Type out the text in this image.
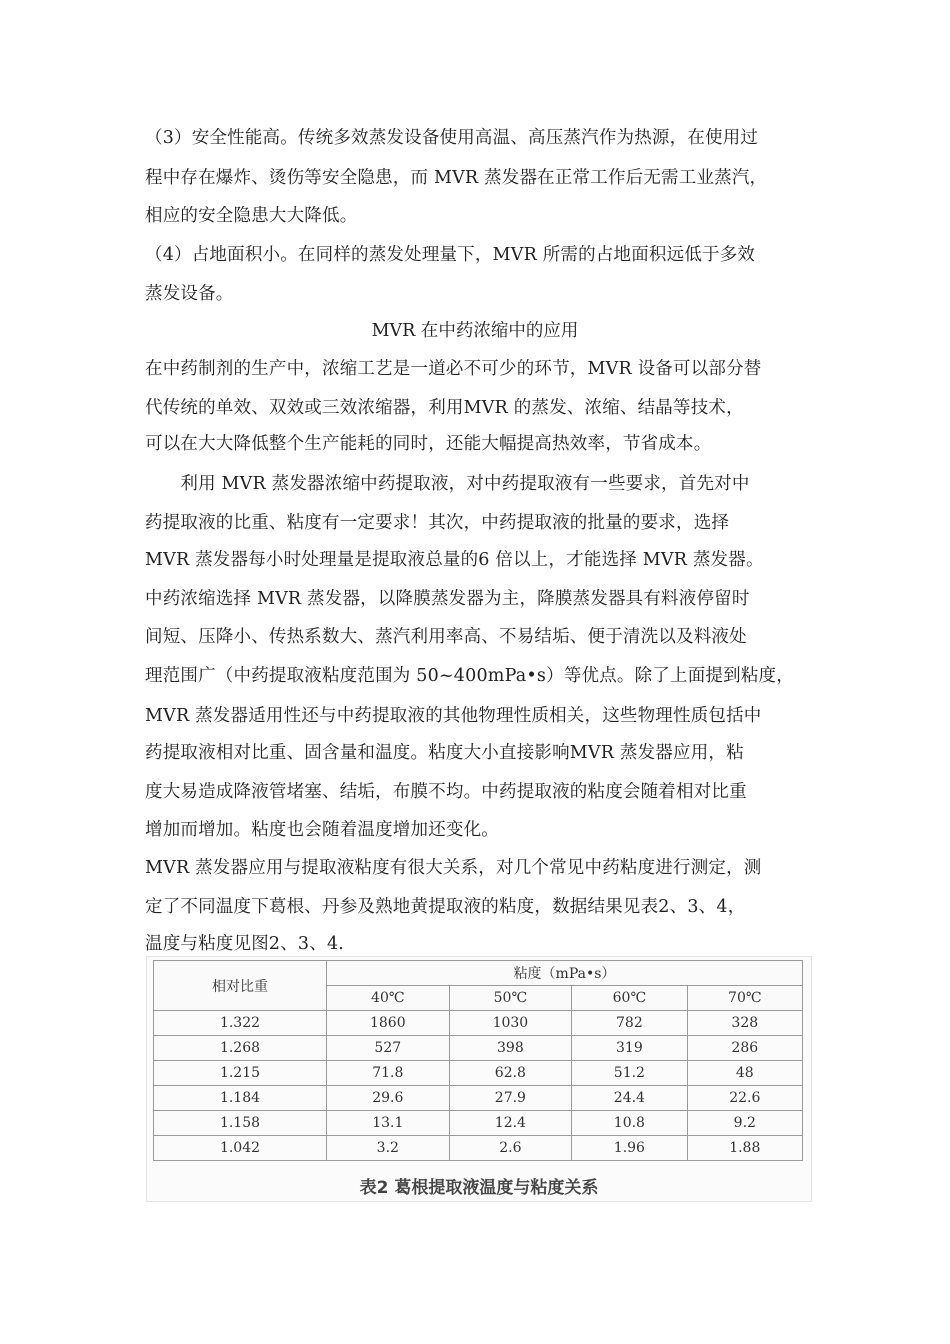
（3）安全性能高。传统多效蒸发设备使用高温、高压蒸汽作为热源，在使用过
程中存在爆炸、烫伤等安全隐患，而 MVR 蒸发器在正常工作后无需工业蒸汽，
相应的安全隐患大大降低。
（4）占地面积小。在同样的蒸发处理量下，MVR 所需的占地面积远低于多效
蒸发设备。
MVR 在中药浓缩中的应用
在中药制剂的生产中，浓缩工艺是一道必不可少的环节，MVR 设备可以部分替
代传统的单效、双效或三效浓缩器，利用MVR 的蒸发、浓缩、结晶等技术，
可以在大大降低整个生产能耗的同时，还能大幅提高热效率，节省成本。
　　利用 MVR 蒸发器浓缩中药提取液，对中药提取液有一些要求，首先对中
药提取液的比重、粘度有一定要求！其次，中药提取液的批量的要求，选择
MVR 蒸发器每小时处理量是提取液总量的6 倍以上，才能选择 MVR 蒸发器。
中药浓缩选择 MVR 蒸发器，以降膜蒸发器为主，降膜蒸发器具有料液停留时
间短、压降小、传热系数大、蒸汽利用率高、不易结垢、便于清洗以及料液处
理范围广（中药提取液粘度范围为 50~400mPa•s）等优点。除了上面提到粘度，
MVR 蒸发器适用性还与中药提取液的其他物理性质相关，这些物理性质包括中
药提取液相对比重、固含量和温度。粘度大小直接影响MVR 蒸发器应用，粘
度大易造成降液管堵塞、结垢，布膜不均。中药提取液的粘度会随着相对比重
增加而增加。粘度也会随着温度增加还变化。
MVR 蒸发器应用与提取液粘度有很大关系，对几个常见中药粘度进行测定，测
定了不同温度下葛根、丹参及熟地黄提取液的粘度，数据结果见表2、3、4，
温度与粘度见图2、3、4.
相对比重	粘度（mPa•s）			
	40℃	50℃	60℃	70℃
1.322	1860	1030	782	328
1.268	527	398	319	286
1.215	71.8	62.8	51.2	48
1.184	29.6	27.9	24.4	22.6
1.158	13.1	12.4	10.8	9.2
1.042	3.2	2.6	1.96	1.88
表2 葛根提取液温度与粘度关系
